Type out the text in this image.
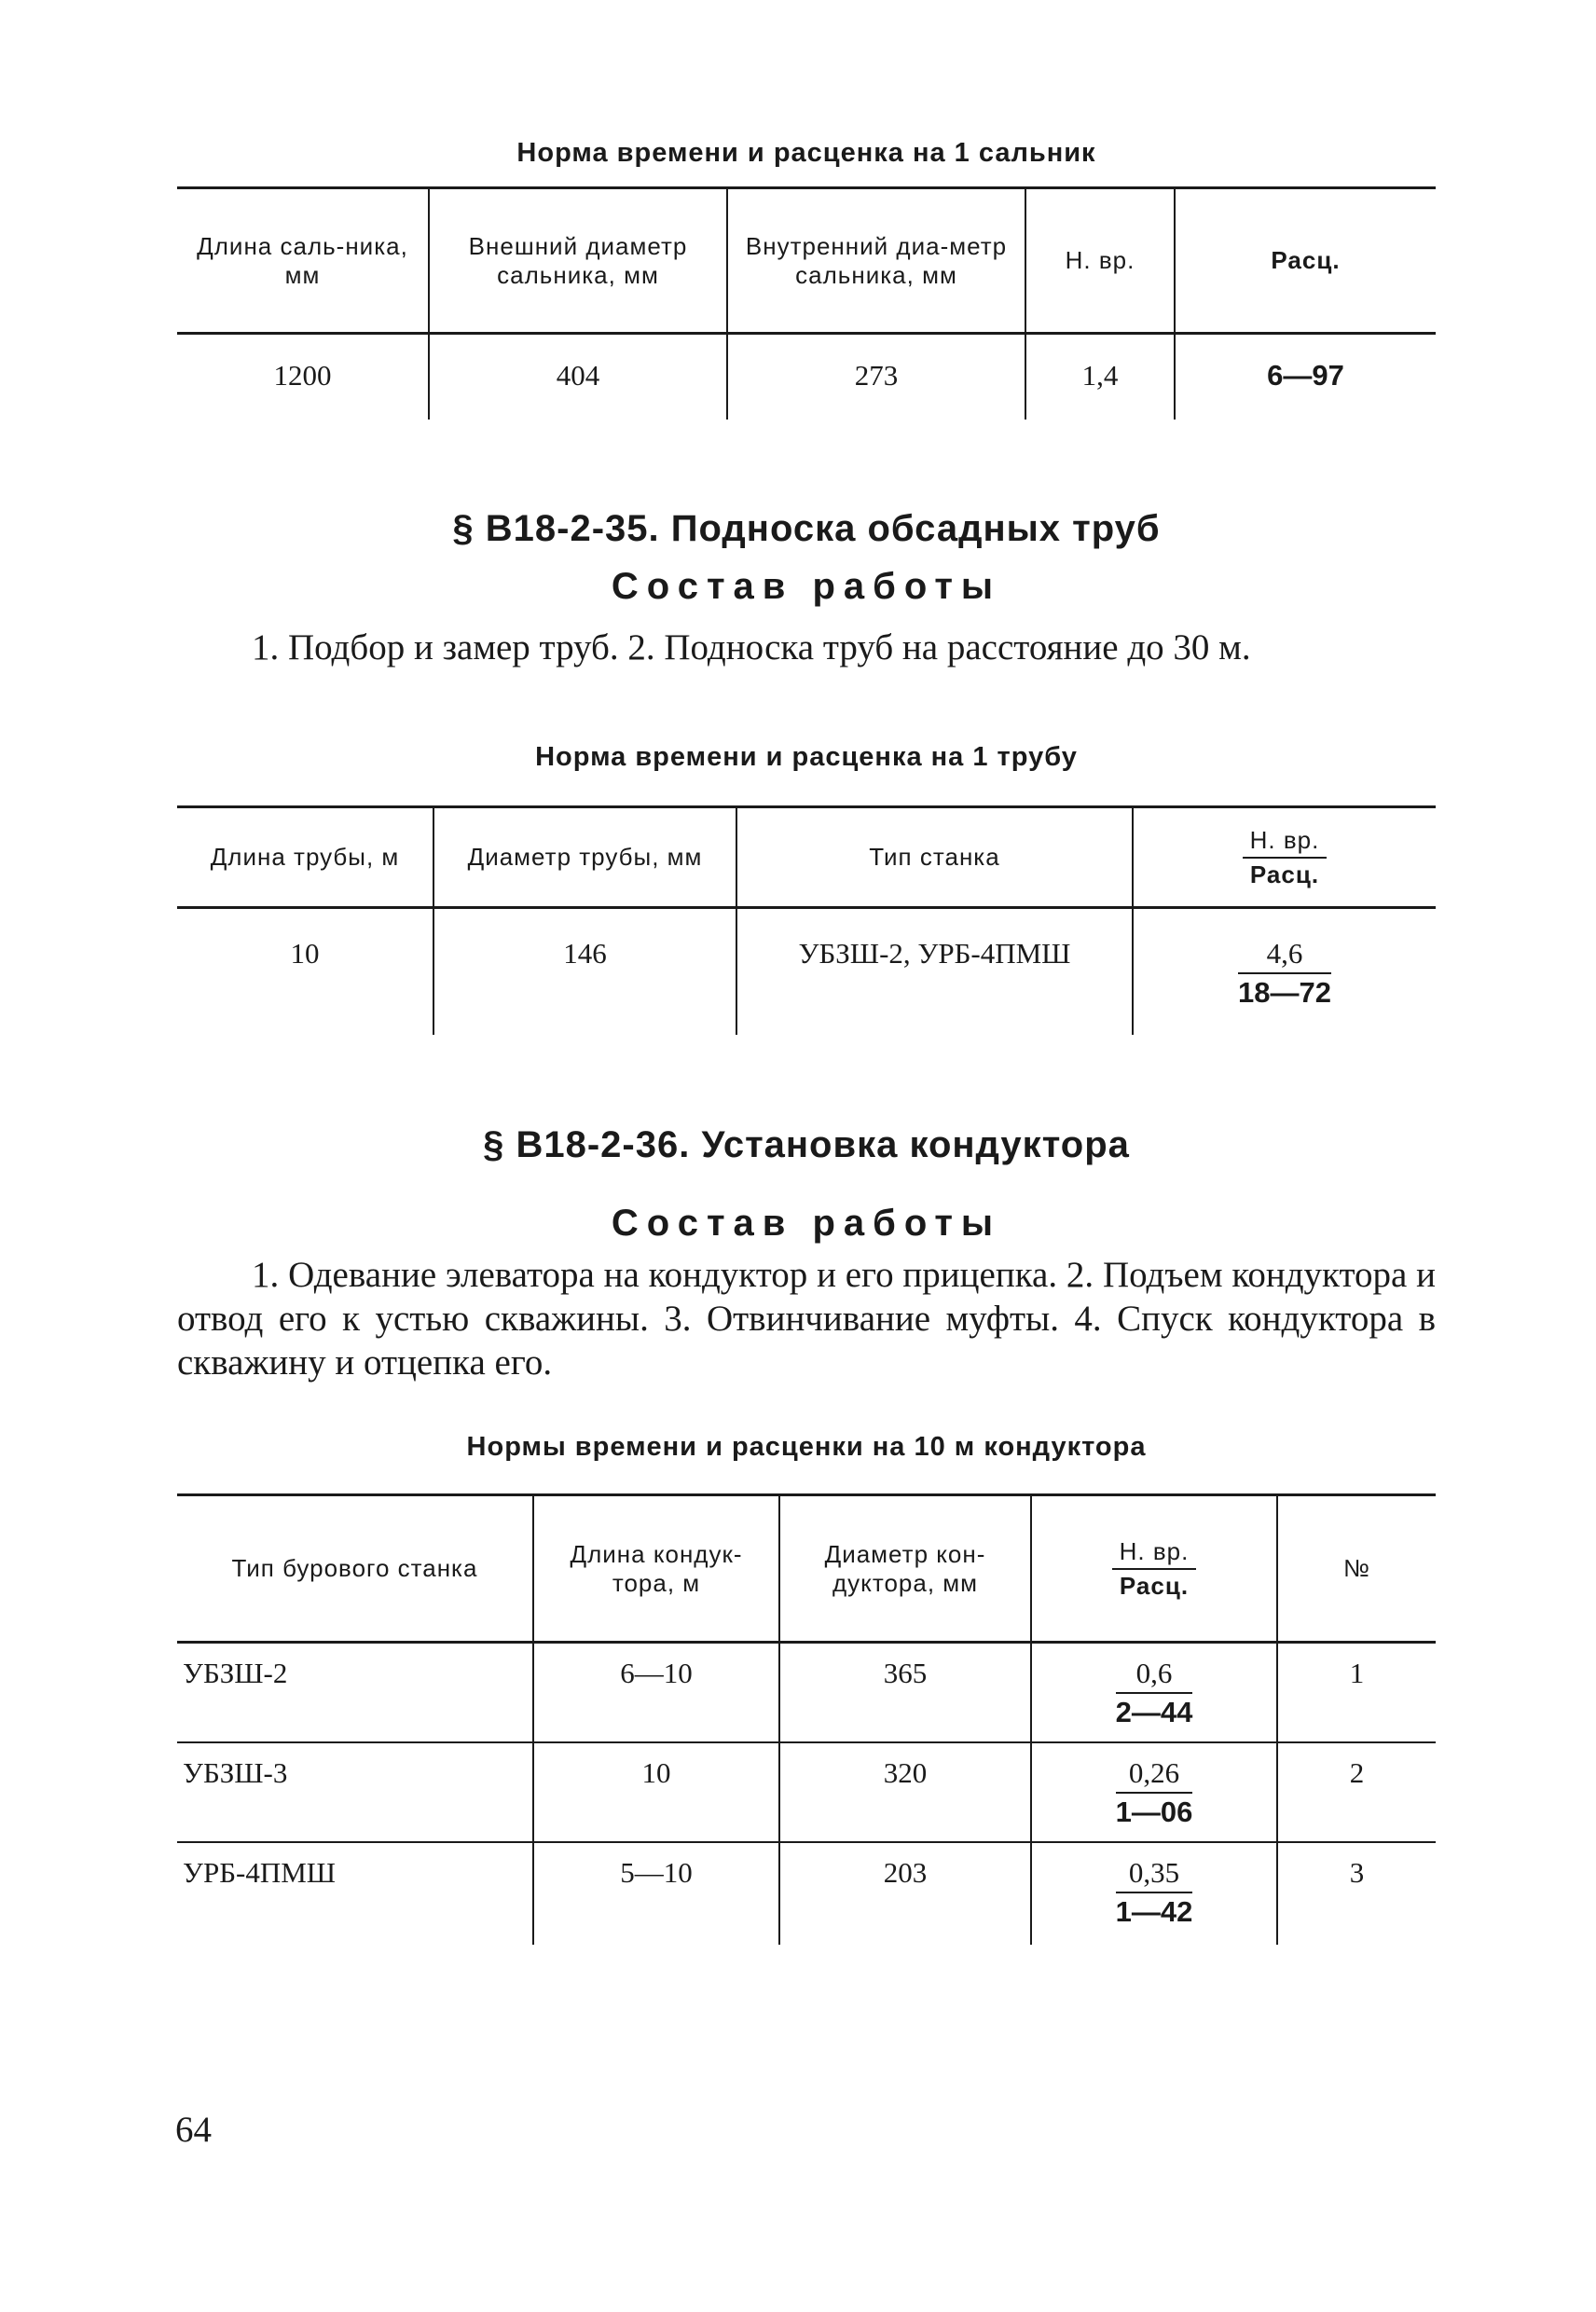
Норма времени и расценка на 1 сальник
Длина саль-ника, мм	Внешний диаметр сальника, мм	Внутренний диа-метр сальника, мм	Н. вр.	Расц.
1200	404	273	1,4	6—97
§ В18-2-35. Подноска обсадных труб
Состав работы
1. Подбор и замер труб. 2. Подноска труб на расстояние до 30 м.
Норма времени и расценка на 1 трубу
Длина трубы, м	Диаметр трубы, мм	Тип станка	$\frac{Н. вр.}{\text{Расц.}}$

10	146	УБЗШ-2, УРБ-4ПМШ	$\frac{4,6}{18—72}$
§ В18-2-36. Установка кондуктора
Состав работы
1. Одевание элеватора на кондуктор и его прицепка. 2. Подъем кондуктора и отвод его к устью скважины. 3. Отвинчивание муфты. 4. Спуск кондуктора в скважину и отцепка его.
Нормы времени и расценки на 10 м кондуктора
Тип бурового станка	Длина кондук-тора, м	Диаметр кон-дуктора, мм	$\frac{Н. вр.}{\text{Расц.}}$	№
УБЗШ-2	6—10	365	$\frac{0,6}{2—44}$	1
УБЗШ-3	10	320	$\frac{0,26}{1—06}$	2
УРБ-4ПМШ	5—10	203	$\frac{0,35}{1—42}$	3
64
